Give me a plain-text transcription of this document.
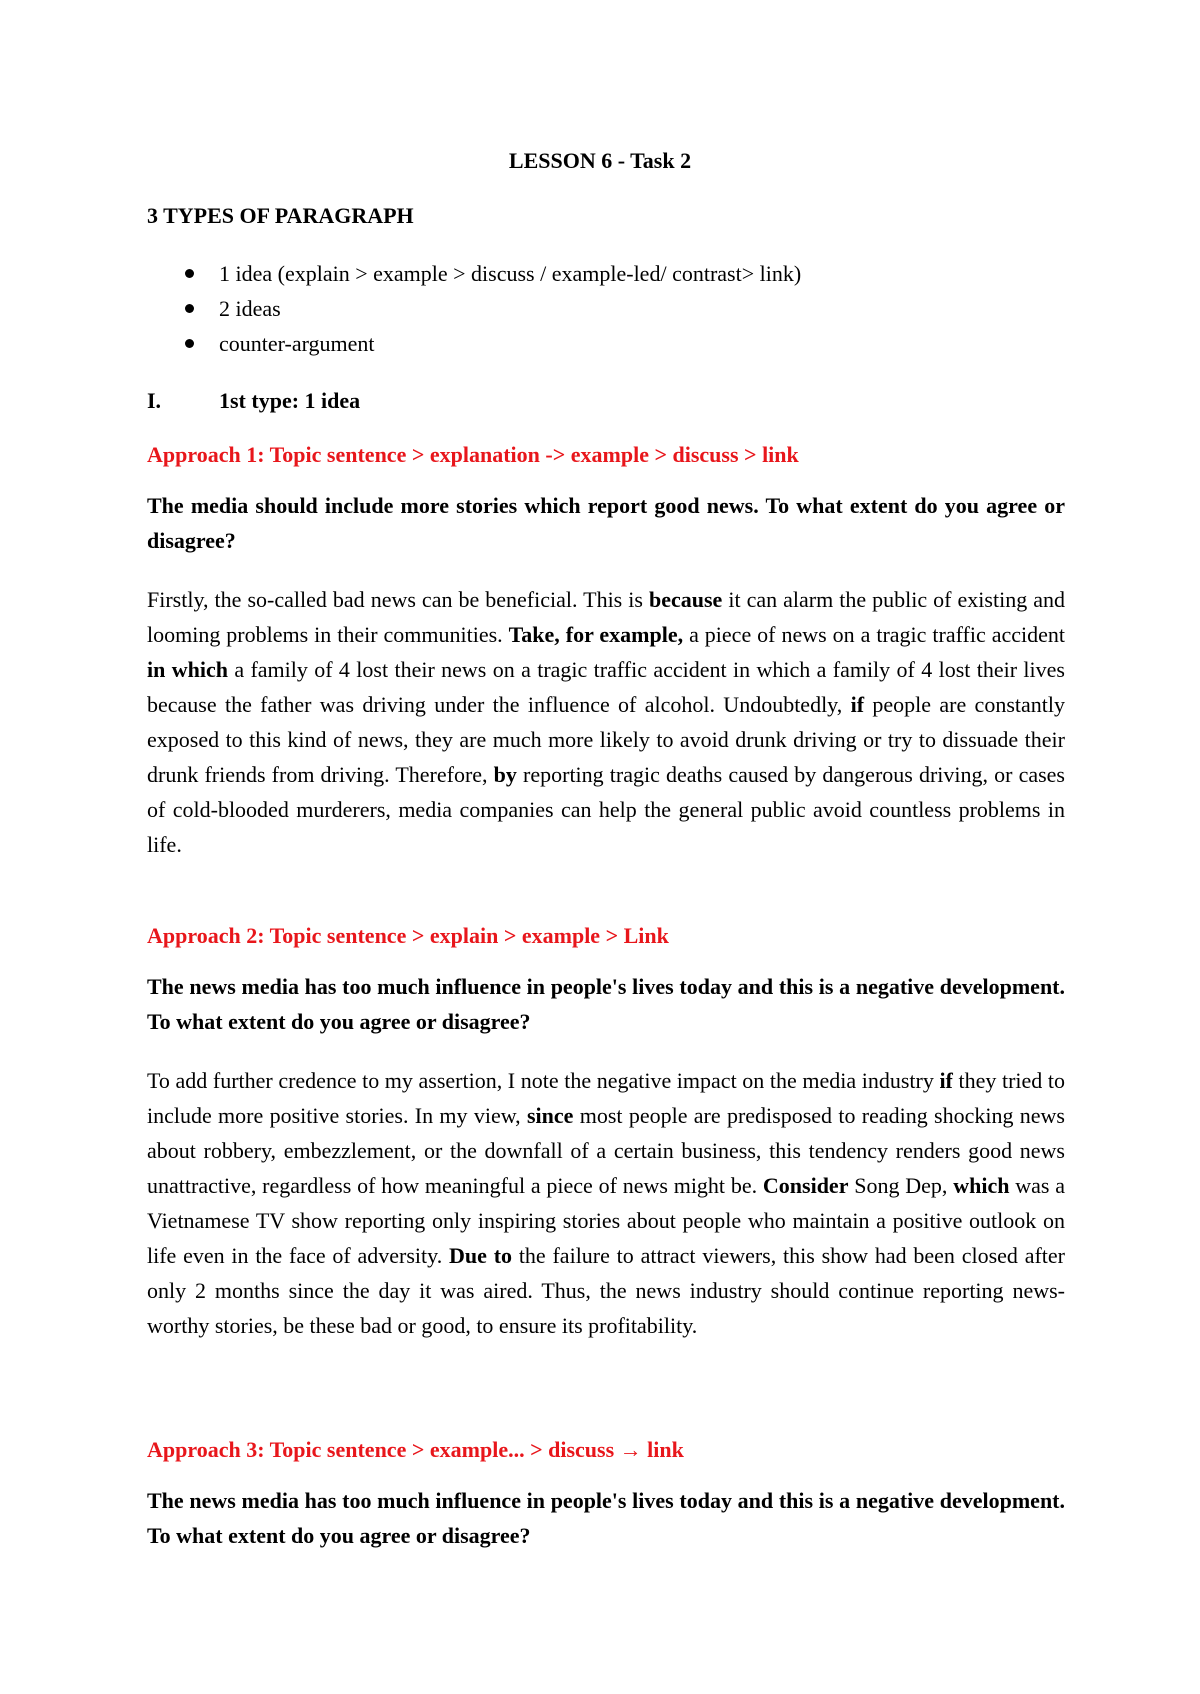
LESSON 6 - Task 2

3 TYPES OF PARAGRAPH

1 idea (explain > example > discuss / example-led/ contrast> link)
2 ideas
counter-argument

I.	1st type: 1 idea

Approach 1: Topic sentence > explanation -> example > discuss > link

The media should include more stories which report good news. To what extent do you agree or disagree?

Firstly, the so-called bad news can be beneficial. This is because it can alarm the public of existing and looming problems in their communities. Take, for example, a piece of news on a tragic traffic accident in which a family of 4 lost their news on a tragic traffic accident in which a family of 4 lost their lives because the father was driving under the influence of alcohol. Undoubtedly, if people are constantly exposed to this kind of news, they are much more likely to avoid drunk driving or try to dissuade their drunk friends from driving. Therefore, by reporting tragic deaths caused by dangerous driving, or cases of cold-blooded murderers, media companies can help the general public avoid countless problems in life.

Approach 2: Topic sentence > explain > example > Link

The news media has too much influence in people's lives today and this is a negative development. To what extent do you agree or disagree?

To add further credence to my assertion, I note the negative impact on the media industry if they tried to include more positive stories. In my view, since most people are predisposed to reading shocking news about robbery, embezzlement, or the downfall of a certain business, this tendency renders good news unattractive, regardless of how meaningful a piece of news might be. Consider Song Dep, which was a Vietnamese TV show reporting only inspiring stories about people who maintain a positive outlook on life even in the face of adversity. Due to the failure to attract viewers, this show had been closed after only 2 months since the day it was aired. Thus, the news industry should continue reporting news-worthy stories, be these bad or good, to ensure its profitability.

Approach 3: Topic sentence > example... > discuss → link

The news media has too much influence in people's lives today and this is a negative development. To what extent do you agree or disagree?
